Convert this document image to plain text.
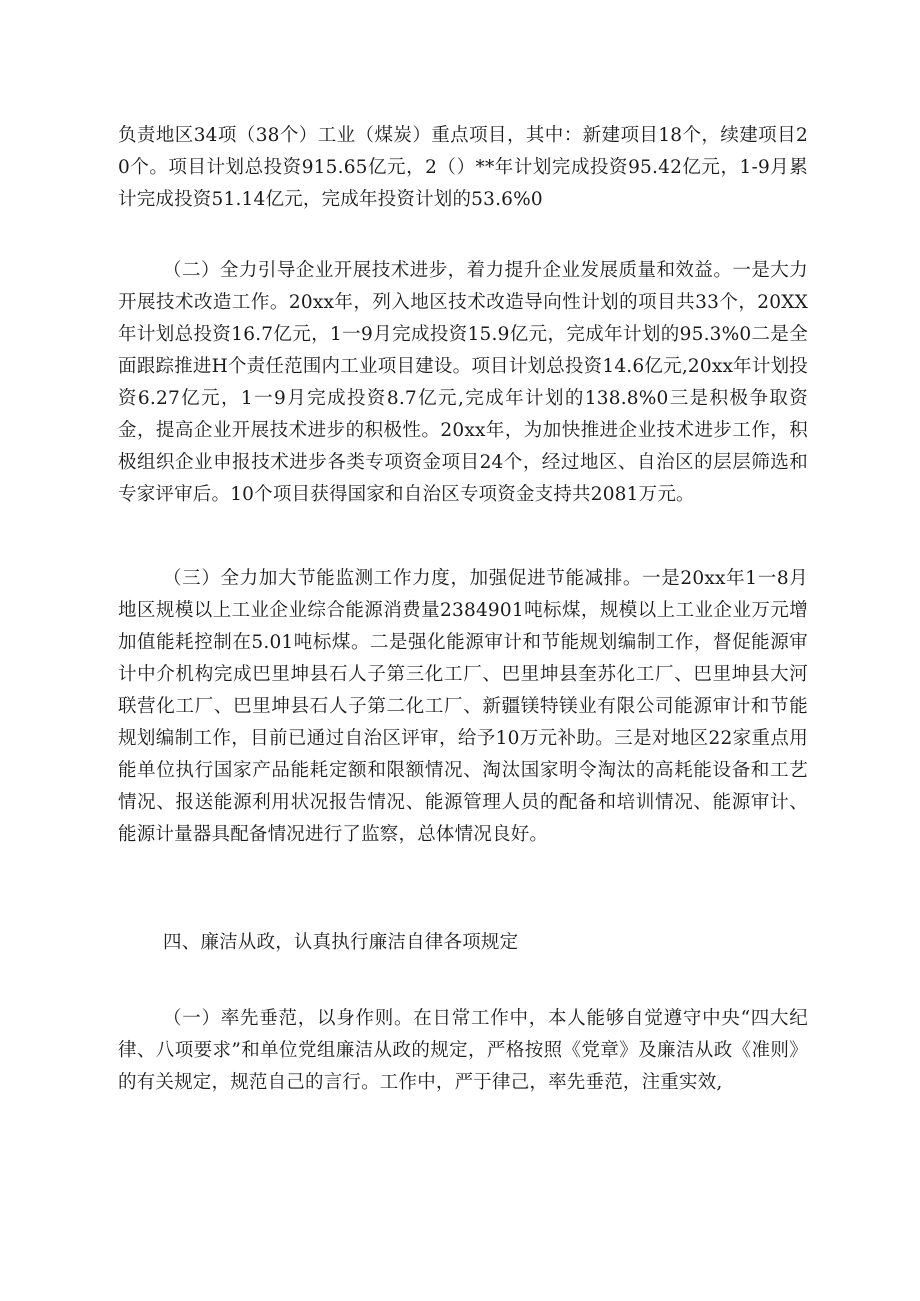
负责地区34项（38个）工业（煤炭）重点项目，其中：新建项目18个，续建项目20个。项目计划总投资915.65亿元，2（）**年计划完成投资95.42亿元，1-9月累计完成投资51.14亿元，完成年投资计划的53.6%0

（二）全力引导企业开展技术进步，着力提升企业发展质量和效益。一是大力开展技术改造工作。20xx年，列入地区技术改造导向性计划的项目共33个，20XX年计划总投资16.7亿元，1一9月完成投资15.9亿元，完成年计划的95.3%0二是全面跟踪推进H个责任范围内工业项目建设。项目计划总投资14.6亿元,20xx年计划投资6.27亿元，1一9月完成投资8.7亿元,完成年计划的138.8%0三是积极争取资金，提高企业开展技术进步的积极性。20xx年，为加快推进企业技术进步工作，积极组织企业申报技术进步各类专项资金项目24个，经过地区、自治区的层层筛选和专家评审后。10个项目获得国家和自治区专项资金支持共2081万元。

（三）全力加大节能监测工作力度，加强促进节能减排。一是20xx年1一8月地区规模以上工业企业综合能源消费量2384901吨标煤，规模以上工业企业万元增加值能耗控制在5.01吨标煤。二是强化能源审计和节能规划编制工作，督促能源审计中介机构完成巴里坤县石人子第三化工厂、巴里坤县奎苏化工厂、巴里坤县大河联营化工厂、巴里坤县石人子第二化工厂、新疆镁特镁业有限公司能源审计和节能规划编制工作，目前已通过自治区评审，给予10万元补助。三是对地区22家重点用能单位执行国家产品能耗定额和限额情况、淘汰国家明令淘汰的高耗能设备和工艺情况、报送能源利用状况报告情况、能源管理人员的配备和培训情况、能源审计、能源计量器具配备情况进行了监察，总体情况良好。

四、廉洁从政，认真执行廉洁自律各项规定

（一）率先垂范，以身作则。在日常工作中，本人能够自觉遵守中央“四大纪律、八项要求”和单位党组廉洁从政的规定，严格按照《党章》及廉洁从政《准则》的有关规定，规范自己的言行。工作中，严于律己，率先垂范，注重实效,
